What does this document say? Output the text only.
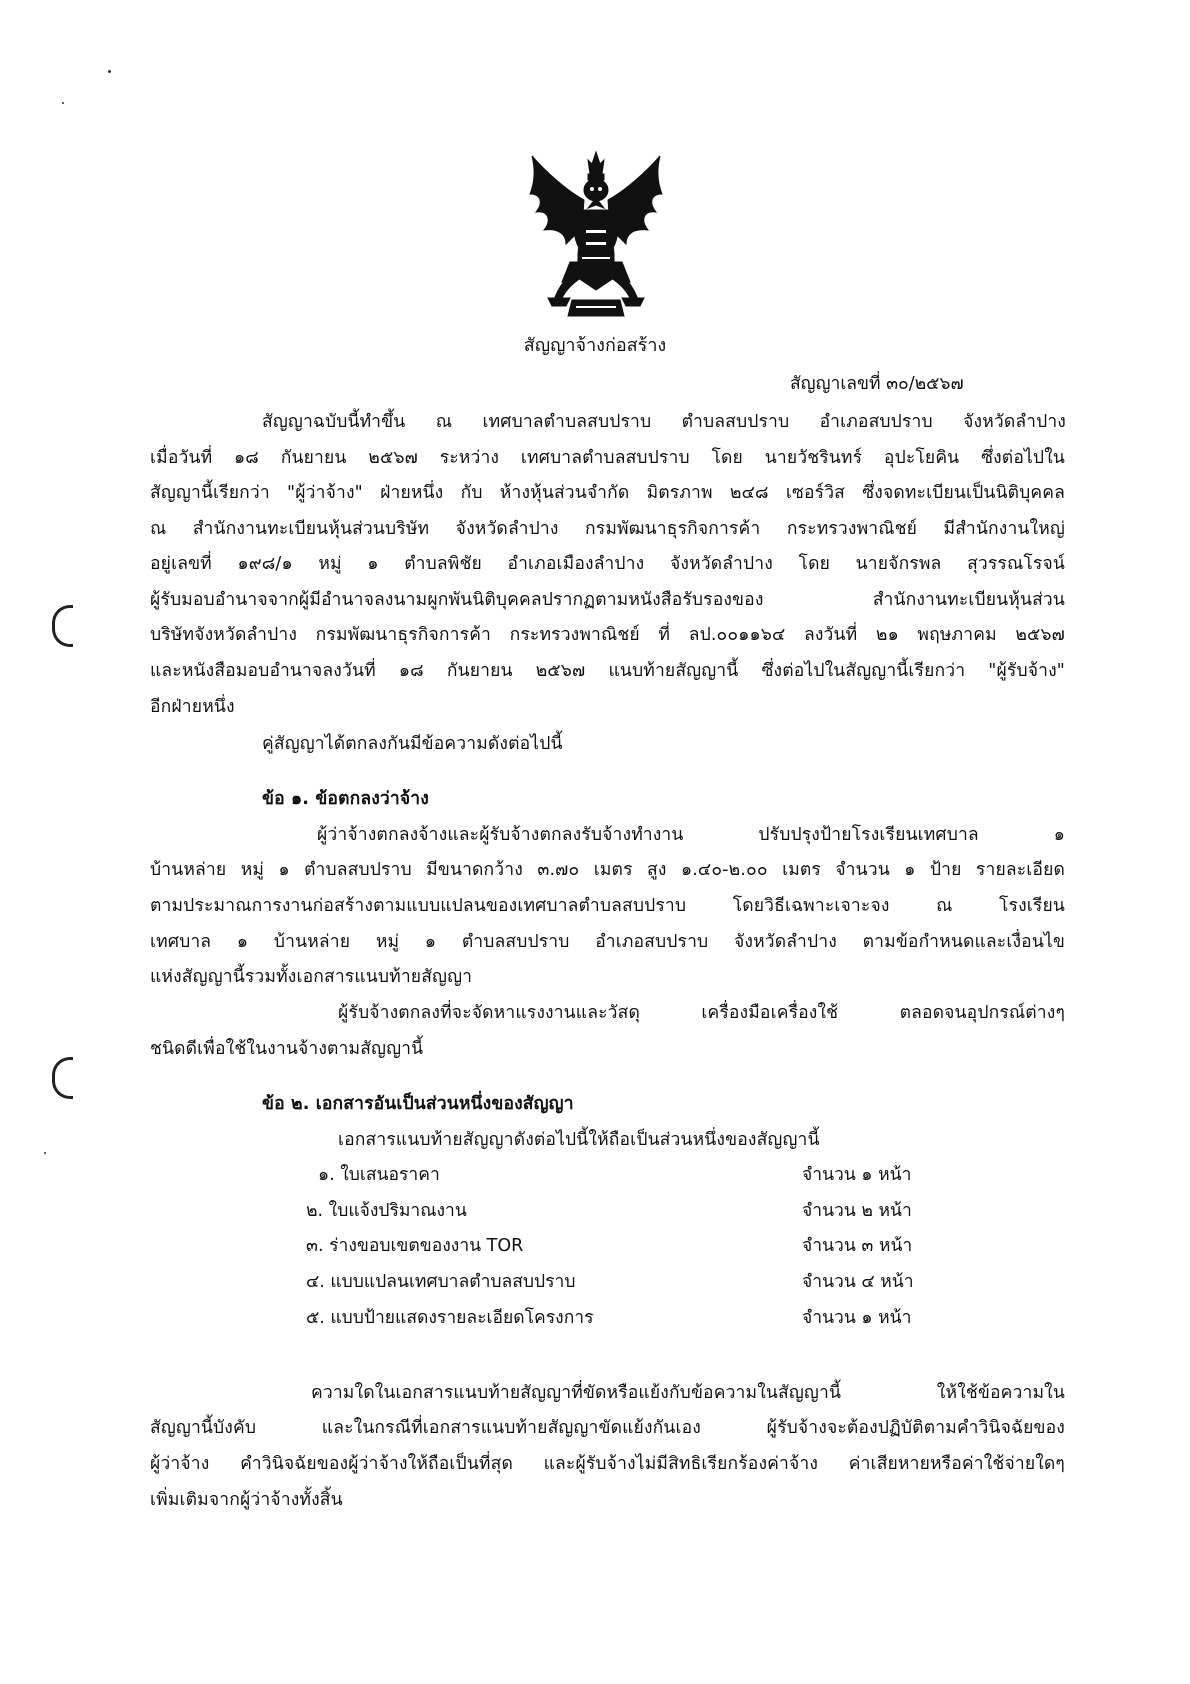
สัญญาจ้างก่อสร้าง
สัญญาเลขที่ ๓๐/๒๕๖๗
สัญญาฉบับนี้ทำขึ้น ณ เทศบาลตำบลสบปราบ ตำบลสบปราบ อำเภอสบปราบ จังหวัดลำปาง
เมื่อวันที่ ๑๘ กันยายน ๒๕๖๗ ระหว่าง เทศบาลตำบลสบปราบ โดย นายวัชรินทร์ อุปะโยคิน ซึ่งต่อไปใน
สัญญานี้เรียกว่า "ผู้ว่าจ้าง" ฝ่ายหนึ่ง กับ ห้างหุ้นส่วนจำกัด มิตรภาพ ๒๔๘ เซอร์วิส ซึ่งจดทะเบียนเป็นนิติบุคคล
ณ สำนักงานทะเบียนหุ้นส่วนบริษัท จังหวัดลำปาง กรมพัฒนาธุรกิจการค้า กระทรวงพาณิชย์ มีสำนักงานใหญ่
อยู่เลขที่ ๑๙๘/๑ หมู่ ๑ ตำบลพิชัย อำเภอเมืองลำปาง จังหวัดลำปาง โดย นายจักรพล สุวรรณโรจน์
ผู้รับมอบอำนาจจากผู้มีอำนาจลงนามผูกพันนิติบุคคลปรากฏตามหนังสือรับรองของ สำนักงานทะเบียนหุ้นส่วน
บริษัทจังหวัดลำปาง กรมพัฒนาธุรกิจการค้า กระทรวงพาณิชย์ ที่ ลป.๐๐๑๑๖๔ ลงวันที่ ๒๑ พฤษภาคม ๒๕๖๗
และหนังสือมอบอำนาจลงวันที่ ๑๘ กันยายน ๒๕๖๗ แนบท้ายสัญญานี้ ซึ่งต่อไปในสัญญานี้เรียกว่า "ผู้รับจ้าง"
อีกฝ่ายหนึ่ง
คู่สัญญาได้ตกลงกันมีข้อความดังต่อไปนี้
ข้อ ๑. ข้อตกลงว่าจ้าง
ผู้ว่าจ้างตกลงจ้างและผู้รับจ้างตกลงรับจ้างทำงาน ปรับปรุงป้ายโรงเรียนเทศบาล ๑
บ้านหล่าย หมู่ ๑ ตำบลสบปราบ มีขนาดกว้าง ๓.๗๐ เมตร สูง ๑.๔๐-๒.๐๐ เมตร จำนวน ๑ ป้าย รายละเอียด
ตามประมาณการงานก่อสร้างตามแบบแปลนของเทศบาลตำบลสบปราบ โดยวิธีเฉพาะเจาะจง ณ โรงเรียน
เทศบาล ๑ บ้านหล่าย หมู่ ๑ ตำบลสบปราบ อำเภอสบปราบ จังหวัดลำปาง ตามข้อกำหนดและเงื่อนไข
แห่งสัญญานี้รวมทั้งเอกสารแนบท้ายสัญญา
ผู้รับจ้างตกลงที่จะจัดหาแรงงานและวัสดุ เครื่องมือเครื่องใช้ ตลอดจนอุปกรณ์ต่างๆ
ชนิดดีเพื่อใช้ในงานจ้างตามสัญญานี้
ข้อ ๒. เอกสารอันเป็นส่วนหนึ่งของสัญญา
เอกสารแนบท้ายสัญญาดังต่อไปนี้ให้ถือเป็นส่วนหนึ่งของสัญญานี้
๑. ใบเสนอราคา	จำนวน ๑ หน้า
๒. ใบแจ้งปริมาณงาน	จำนวน ๒ หน้า
๓. ร่างขอบเขตของงาน TOR	จำนวน ๓ หน้า
๔. แบบแปลนเทศบาลตำบลสบปราบ	จำนวน ๔ หน้า
๕. แบบป้ายแสดงรายละเอียดโครงการ	จำนวน ๑ หน้า
ความใดในเอกสารแนบท้ายสัญญาที่ขัดหรือแย้งกับข้อความในสัญญานี้ ให้ใช้ข้อความใน
สัญญานี้บังคับ และในกรณีที่เอกสารแนบท้ายสัญญาขัดแย้งกันเอง ผู้รับจ้างจะต้องปฏิบัติตามคำวินิจฉัยของ
ผู้ว่าจ้าง คำวินิจฉัยของผู้ว่าจ้างให้ถือเป็นที่สุด และผู้รับจ้างไม่มีสิทธิเรียกร้องค่าจ้าง ค่าเสียหายหรือค่าใช้จ่ายใดๆ
เพิ่มเติมจากผู้ว่าจ้างทั้งสิ้น
